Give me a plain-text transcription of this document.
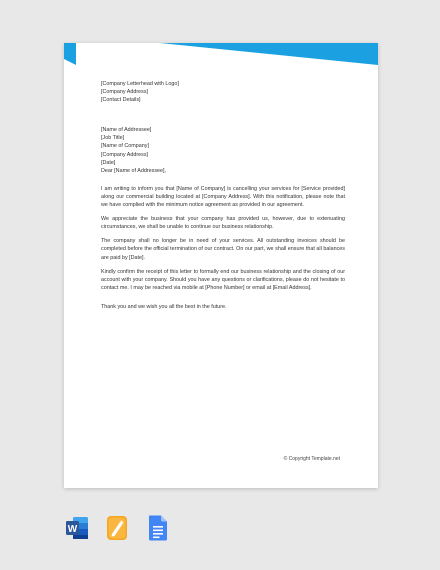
[Company Letterhead with Logo]
[Company Address]
[Contact Details]
[Name of Addressee]
[Job Title]
[Name of Company]
[Company Address]

[Date]

Dear [Name of Addressee],

I am writing to inform you that [Name of Company] is cancelling your services for [Service provided] along our commercial building located at [Company Address]. With this notification, please note that we have complied with the minimum notice agreement as provided in our agreement.

We appreciate the business that your company has provided us, however, due to extenuating circumstances, we shall be unable to continue our business relationship.

The company shall no longer be in need of your services. All outstanding invoices should be completed before the official termination of our contract. On our part, we shall ensure that all balances are paid by [Date].

Kindly confirm the receipt of this letter to formally end our business relationship and the closing of our account with your company. Should you have any questions or clarifications, please do not hesitate to contact me. I may be reached via mobile at [Phone Number] or email at [Email Address].

Thank you and we wish you all the best in the future.

© Copyright Template.net
W
